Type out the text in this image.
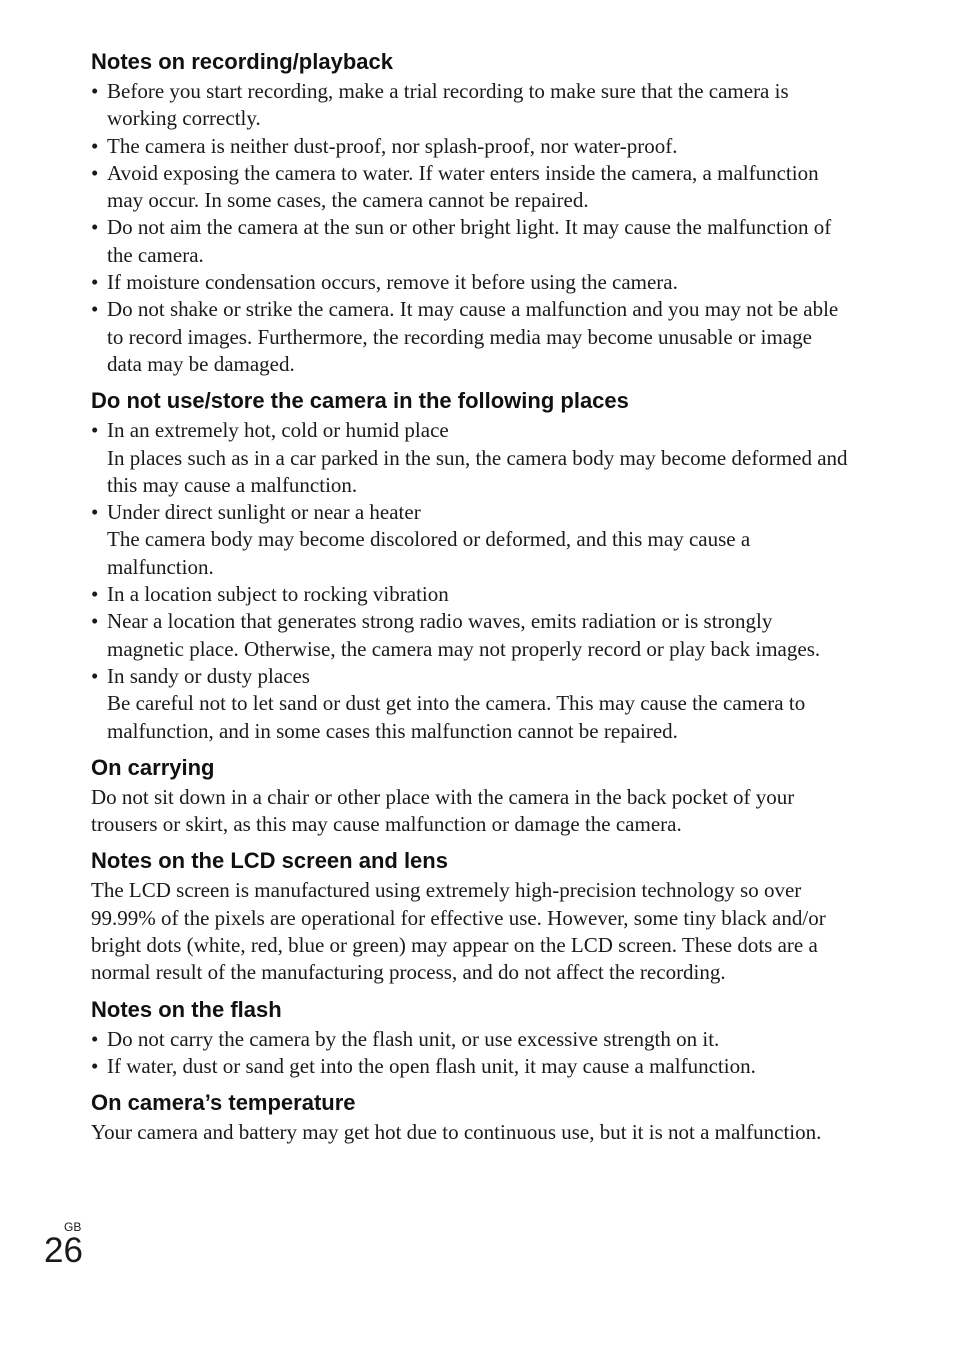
Notes on recording/playback
• Before you start recording, make a trial recording to make sure that the camera is working correctly.
• The camera is neither dust-proof, nor splash-proof, nor water-proof.
• Avoid exposing the camera to water. If water enters inside the camera, a malfunction may occur. In some cases, the camera cannot be repaired.
• Do not aim the camera at the sun or other bright light. It may cause the malfunction of the camera.
• If moisture condensation occurs, remove it before using the camera.
• Do not shake or strike the camera. It may cause a malfunction and you may not be able to record images. Furthermore, the recording media may become unusable or image data may be damaged.
Do not use/store the camera in the following places
• In an extremely hot, cold or humid place
In places such as in a car parked in the sun, the camera body may become deformed and this may cause a malfunction.
• Under direct sunlight or near a heater
The camera body may become discolored or deformed, and this may cause a malfunction.
• In a location subject to rocking vibration
• Near a location that generates strong radio waves, emits radiation or is strongly magnetic place. Otherwise, the camera may not properly record or play back images.
• In sandy or dusty places
Be careful not to let sand or dust get into the camera. This may cause the camera to malfunction, and in some cases this malfunction cannot be repaired.
On carrying

Do not sit down in a chair or other place with the camera in the back pocket of your trousers or skirt, as this may cause malfunction or damage the camera.

Notes on the LCD screen and lens

The LCD screen is manufactured using extremely high-precision technology so over 99.99% of the pixels are operational for effective use. However, some tiny black and/or bright dots (white, red, blue or green) may appear on the LCD screen. These dots are a normal result of the manufacturing process, and do not affect the recording.

Notes on the flash
• Do not carry the camera by the flash unit, or use excessive strength on it.
• If water, dust or sand get into the open flash unit, it may cause a malfunction.
On camera’s temperature

Your camera and battery may get hot due to continuous use, but it is not a malfunction.

GB
26
